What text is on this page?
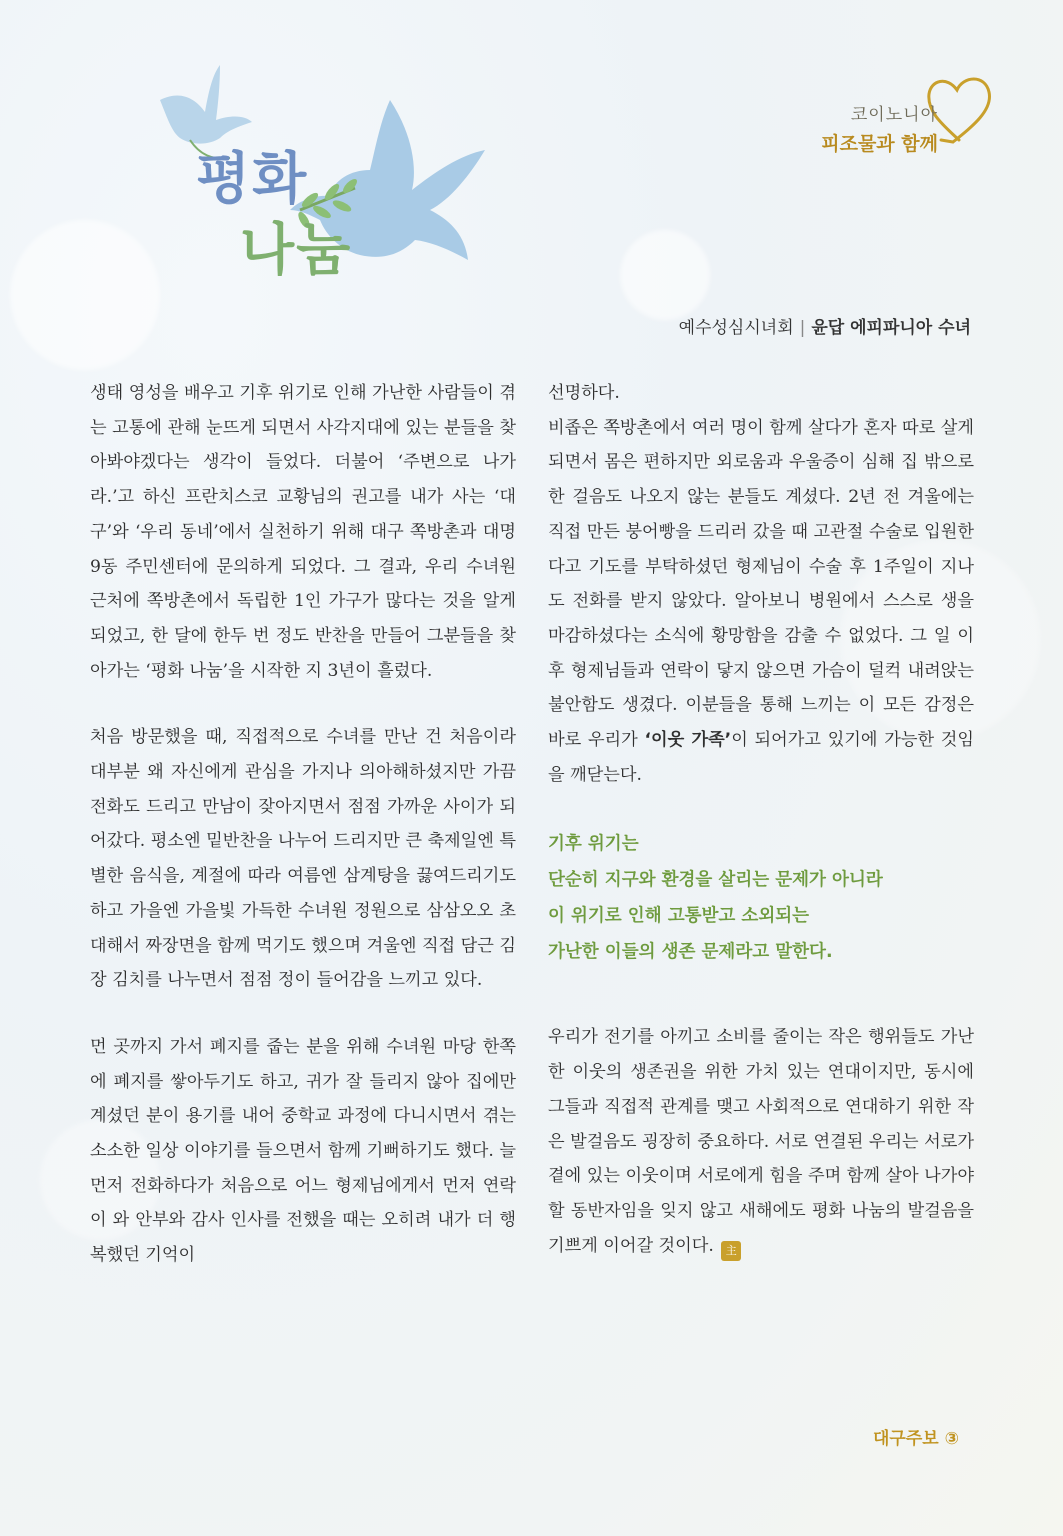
평화
나눔
코이노니아
피조물과 함께
예수성심시녀회 | 윤답 에피파니아 수녀

생태 영성을 배우고 기후 위기로 인해 가난한 사람들이 겪는 고통에 관해 눈뜨게 되면서 사각지대에 있는 분들을 찾아봐야겠다는 생각이 들었다. 더불어 ‘주변으로 나가라.’고 하신 프란치스코 교황님의 권고를 내가 사는 ‘대구’와 ‘우리 동네’에서 실천하기 위해 대구 쪽방촌과 대명 9동 주민센터에 문의하게 되었다. 그 결과, 우리 수녀원 근처에 쪽방촌에서 독립한 1인 가구가 많다는 것을 알게 되었고, 한 달에 한두 번 정도 반찬을 만들어 그분들을 찾아가는 ‘평화 나눔’을 시작한 지 3년이 흘렀다.

처음 방문했을 때, 직접적으로 수녀를 만난 건 처음이라 대부분 왜 자신에게 관심을 가지나 의아해하셨지만 가끔 전화도 드리고 만남이 잦아지면서 점점 가까운 사이가 되어갔다. 평소엔 밑반찬을 나누어 드리지만 큰 축제일엔 특별한 음식을, 계절에 따라 여름엔 삼계탕을 끓여드리기도 하고 가을엔 가을빛 가득한 수녀원 정원으로 삼삼오오 초대해서 짜장면을 함께 먹기도 했으며 겨울엔 직접 담근 김장 김치를 나누면서 점점 정이 들어감을 느끼고 있다.

먼 곳까지 가서 폐지를 줍는 분을 위해 수녀원 마당 한쪽에 폐지를 쌓아두기도 하고, 귀가 잘 들리지 않아 집에만 계셨던 분이 용기를 내어 중학교 과정에 다니시면서 겪는 소소한 일상 이야기를 들으면서 함께 기뻐하기도 했다. 늘 먼저 전화하다가 처음으로 어느 형제님에게서 먼저 연락이 와 안부와 감사 인사를 전했을 때는 오히려 내가 더 행복했던 기억이

선명하다.

비좁은 쪽방촌에서 여러 명이 함께 살다가 혼자 따로 살게 되면서 몸은 편하지만 외로움과 우울증이 심해 집 밖으로 한 걸음도 나오지 않는 분들도 계셨다. 2년 전 겨울에는 직접 만든 붕어빵을 드리러 갔을 때 고관절 수술로 입원한다고 기도를 부탁하셨던 형제님이 수술 후 1주일이 지나도 전화를 받지 않았다. 알아보니 병원에서 스스로 생을 마감하셨다는 소식에 황망함을 감출 수 없었다. 그 일 이후 형제님들과 연락이 닿지 않으면 가슴이 덜컥 내려앉는 불안함도 생겼다. 이분들을 통해 느끼는 이 모든 감정은 바로 우리가 ‘이웃 가족’이 되어가고 있기에 가능한 것임을 깨닫는다.

기후 위기는
단순히 지구와 환경을 살리는 문제가 아니라
이 위기로 인해 고통받고 소외되는
가난한 이들의 생존 문제라고 말한다.

우리가 전기를 아끼고 소비를 줄이는 작은 행위들도 가난한 이웃의 생존권을 위한 가치 있는 연대이지만, 동시에 그들과 직접적 관계를 맺고 사회적으로 연대하기 위한 작은 발걸음도 굉장히 중요하다. 서로 연결된 우리는 서로가 곁에 있는 이웃이며 서로에게 힘을 주며 함께 살아 나가야 할 동반자임을 잊지 않고 새해에도 평화 나눔의 발걸음을 기쁘게 이어갈 것이다. 主

대구주보 ③
